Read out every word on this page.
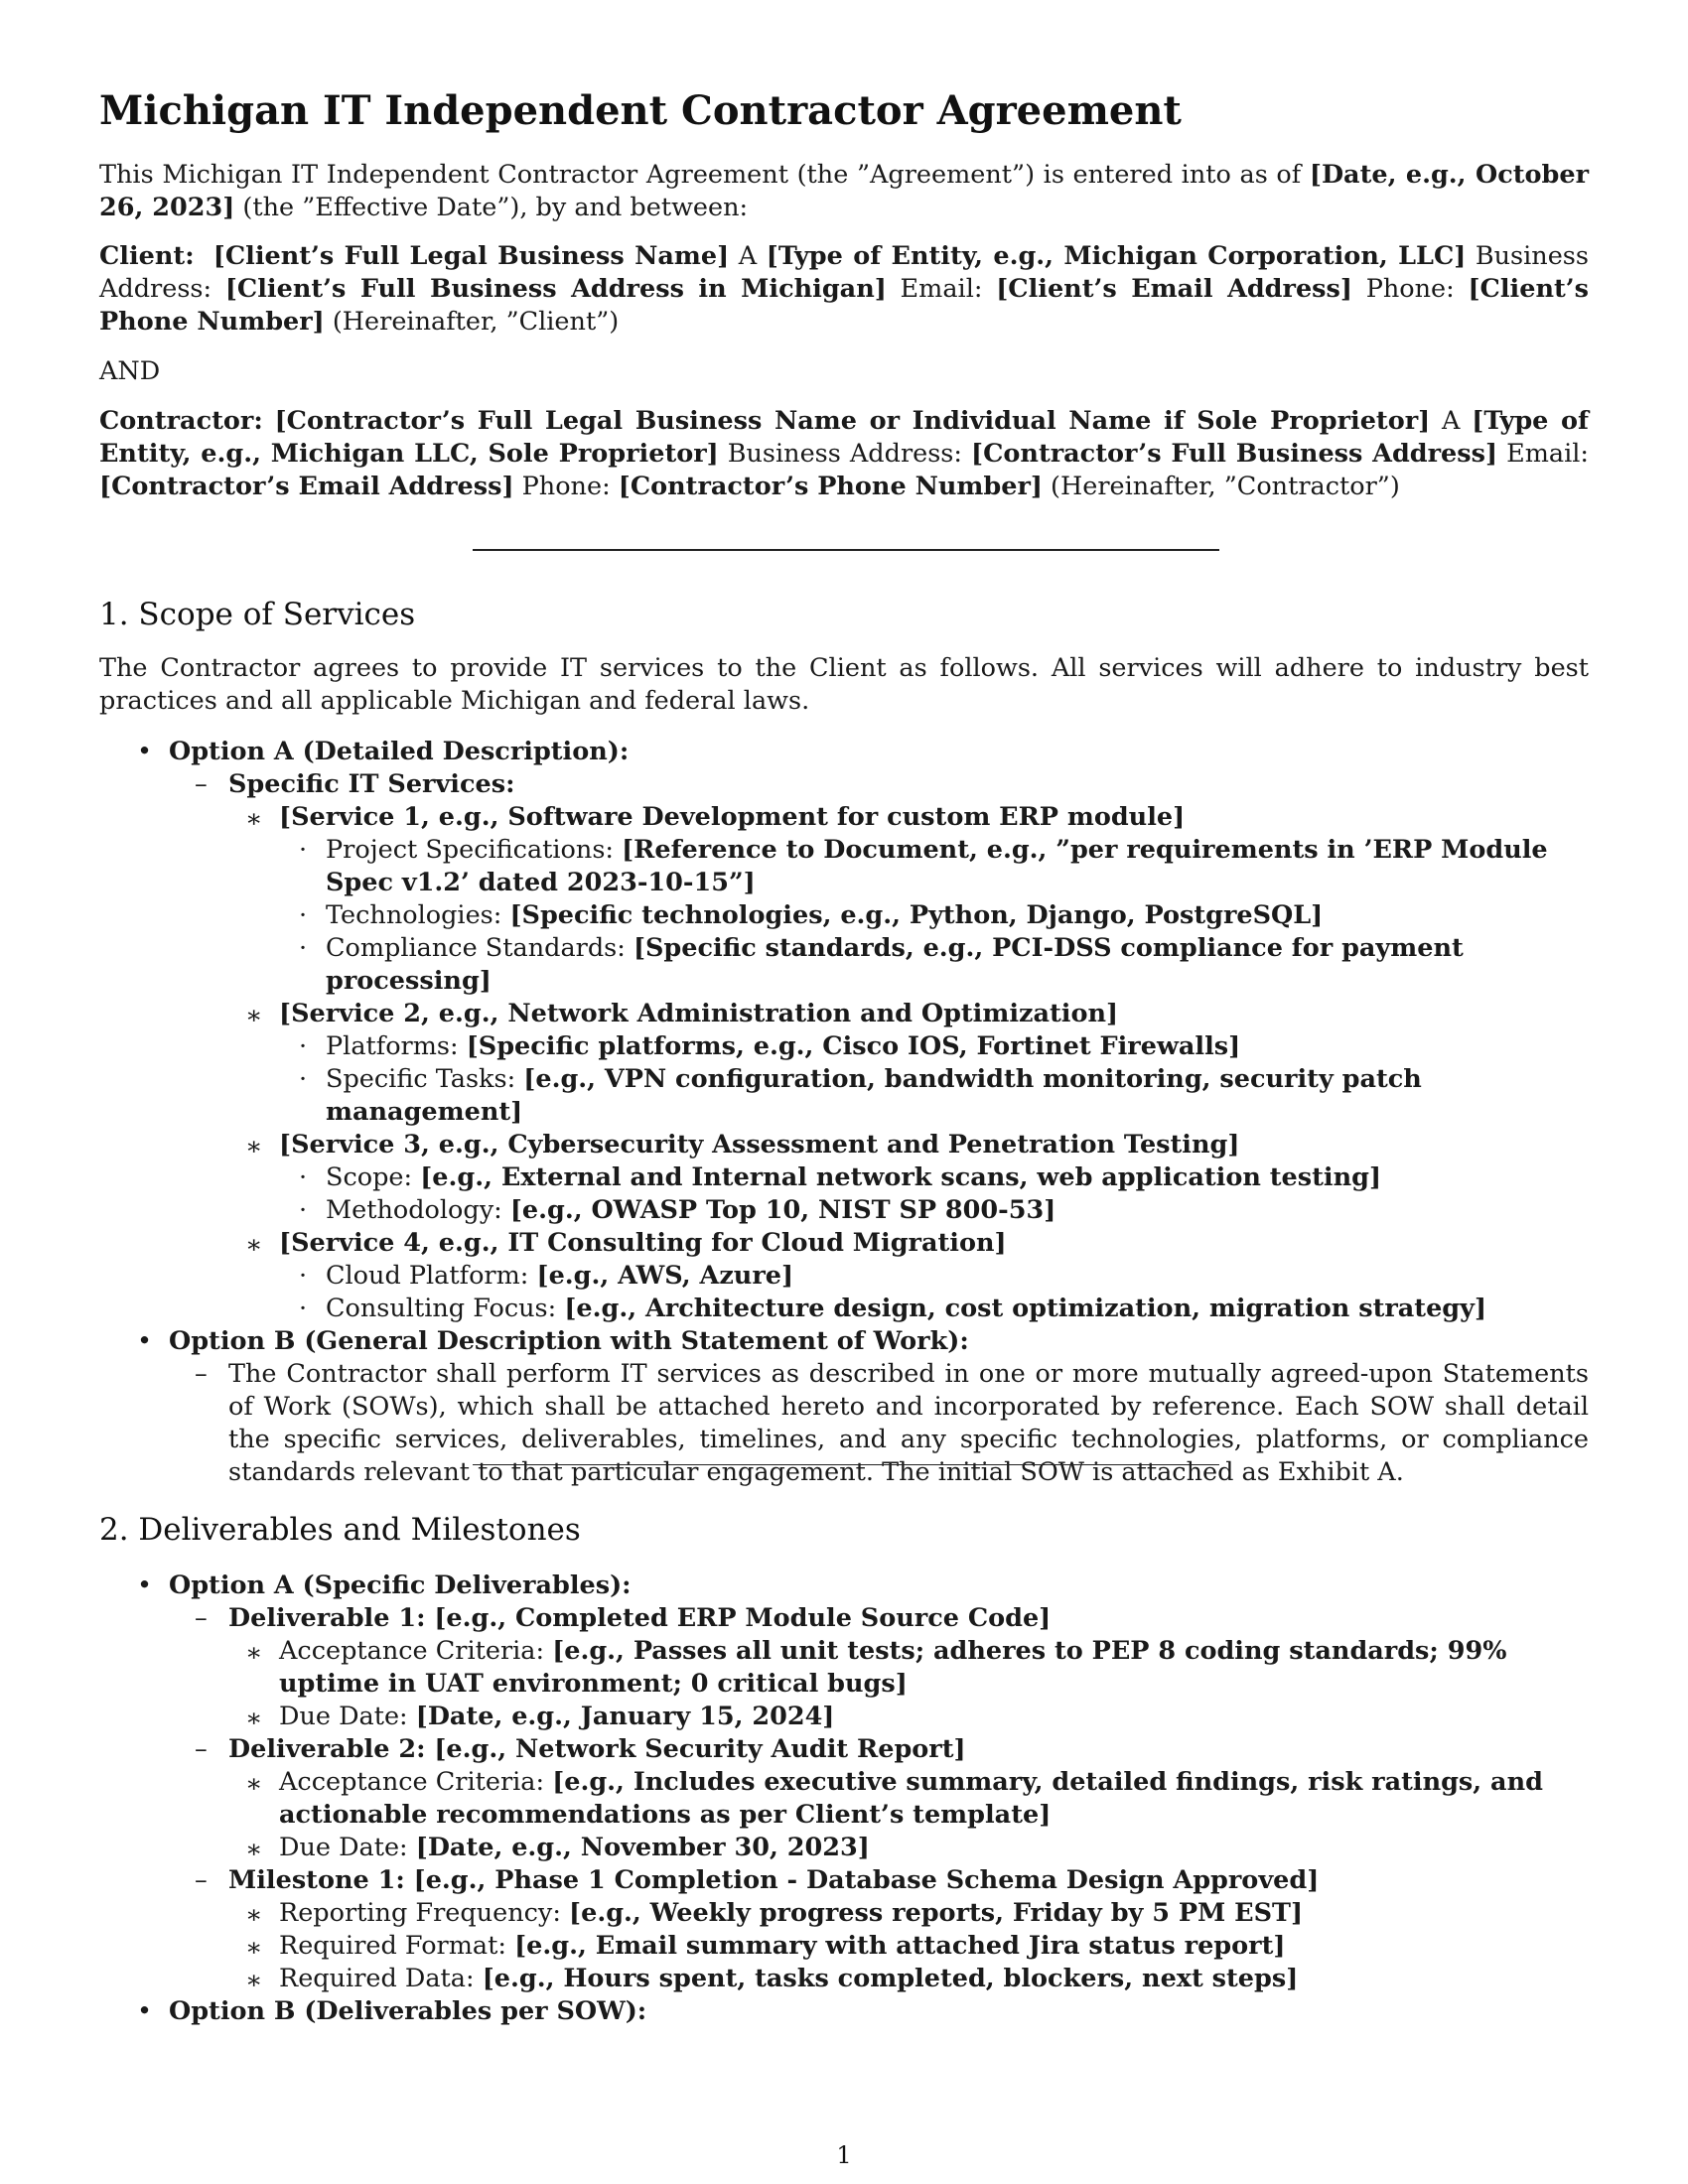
Michigan IT Independent Contractor Agreement

This Michigan IT Independent Contractor Agreement (the ”Agreement”) is entered into as of [Date, e.g., October 26, 2023] (the ”Effective Date”), by and between:

Client: [Client’s Full Legal Business Name] A [Type of Entity, e.g., Michigan Corporation, LLC] Business Address: [Client’s Full Business Address in Michigan] Email: [Client’s Email Address] Phone: [Client’s Phone Number] (Hereinafter, ”Client”)

AND

Contractor: [Contractor’s Full Legal Business Name or Individual Name if Sole Proprietor] A [Type of Entity, e.g., Michigan LLC, Sole Proprietor] Business Address: [Contractor’s Full Business Address] Email: [Contractor’s Email Address] Phone: [Contractor’s Phone Number] (Hereinafter, ”Contractor”)

1. Scope of Services

The Contractor agrees to provide IT services to the Client as follows. All services will adhere to industry best practices and all applicable Michigan and federal laws.

• Option A (Detailed Description):
– Specific IT Services:
∗ [Service 1, e.g., Software Development for custom ERP module]
· Project Specifications: [Reference to Document, e.g., ”per requirements in ’ERP Module Spec v1.2’ dated 2023-10-15”]
· Technologies: [Specific technologies, e.g., Python, Django, PostgreSQL]
· Compliance Standards: [Specific standards, e.g., PCI-DSS compliance for payment processing]
∗ [Service 2, e.g., Network Administration and Optimization]
· Platforms: [Specific platforms, e.g., Cisco IOS, Fortinet Firewalls]
· Specific Tasks: [e.g., VPN configuration, bandwidth monitoring, security patch management]
∗ [Service 3, e.g., Cybersecurity Assessment and Penetration Testing]
· Scope: [e.g., External and Internal network scans, web application testing]
· Methodology: [e.g., OWASP Top 10, NIST SP 800-53]
∗ [Service 4, e.g., IT Consulting for Cloud Migration]
· Cloud Platform: [e.g., AWS, Azure]
· Consulting Focus: [e.g., Architecture design, cost optimization, migration strategy]
• Option B (General Description with Statement of Work):
– The Contractor shall perform IT services as described in one or more mutually agreed-upon Statements of Work (SOWs), which shall be attached hereto and incorporated by reference. Each SOW shall detail the specific services, deliverables, timelines, and any specific technologies, platforms, or compliance standards relevant to that particular engagement. The initial SOW is attached as Exhibit A.
2. Deliverables and Milestones
• Option A (Specific Deliverables):
– Deliverable 1: [e.g., Completed ERP Module Source Code]
∗ Acceptance Criteria: [e.g., Passes all unit tests; adheres to PEP 8 coding standards; 99% uptime in UAT environment; 0 critical bugs]
∗ Due Date: [Date, e.g., January 15, 2024]
– Deliverable 2: [e.g., Network Security Audit Report]
∗ Acceptance Criteria: [e.g., Includes executive summary, detailed findings, risk ratings, and actionable recommendations as per Client’s template]
∗ Due Date: [Date, e.g., November 30, 2023]
– Milestone 1: [e.g., Phase 1 Completion - Database Schema Design Approved]
∗ Reporting Frequency: [e.g., Weekly progress reports, Friday by 5 PM EST]
∗ Required Format: [e.g., Email summary with attached Jira status report]
∗ Required Data: [e.g., Hours spent, tasks completed, blockers, next steps]
• Option B (Deliverables per SOW):
1
